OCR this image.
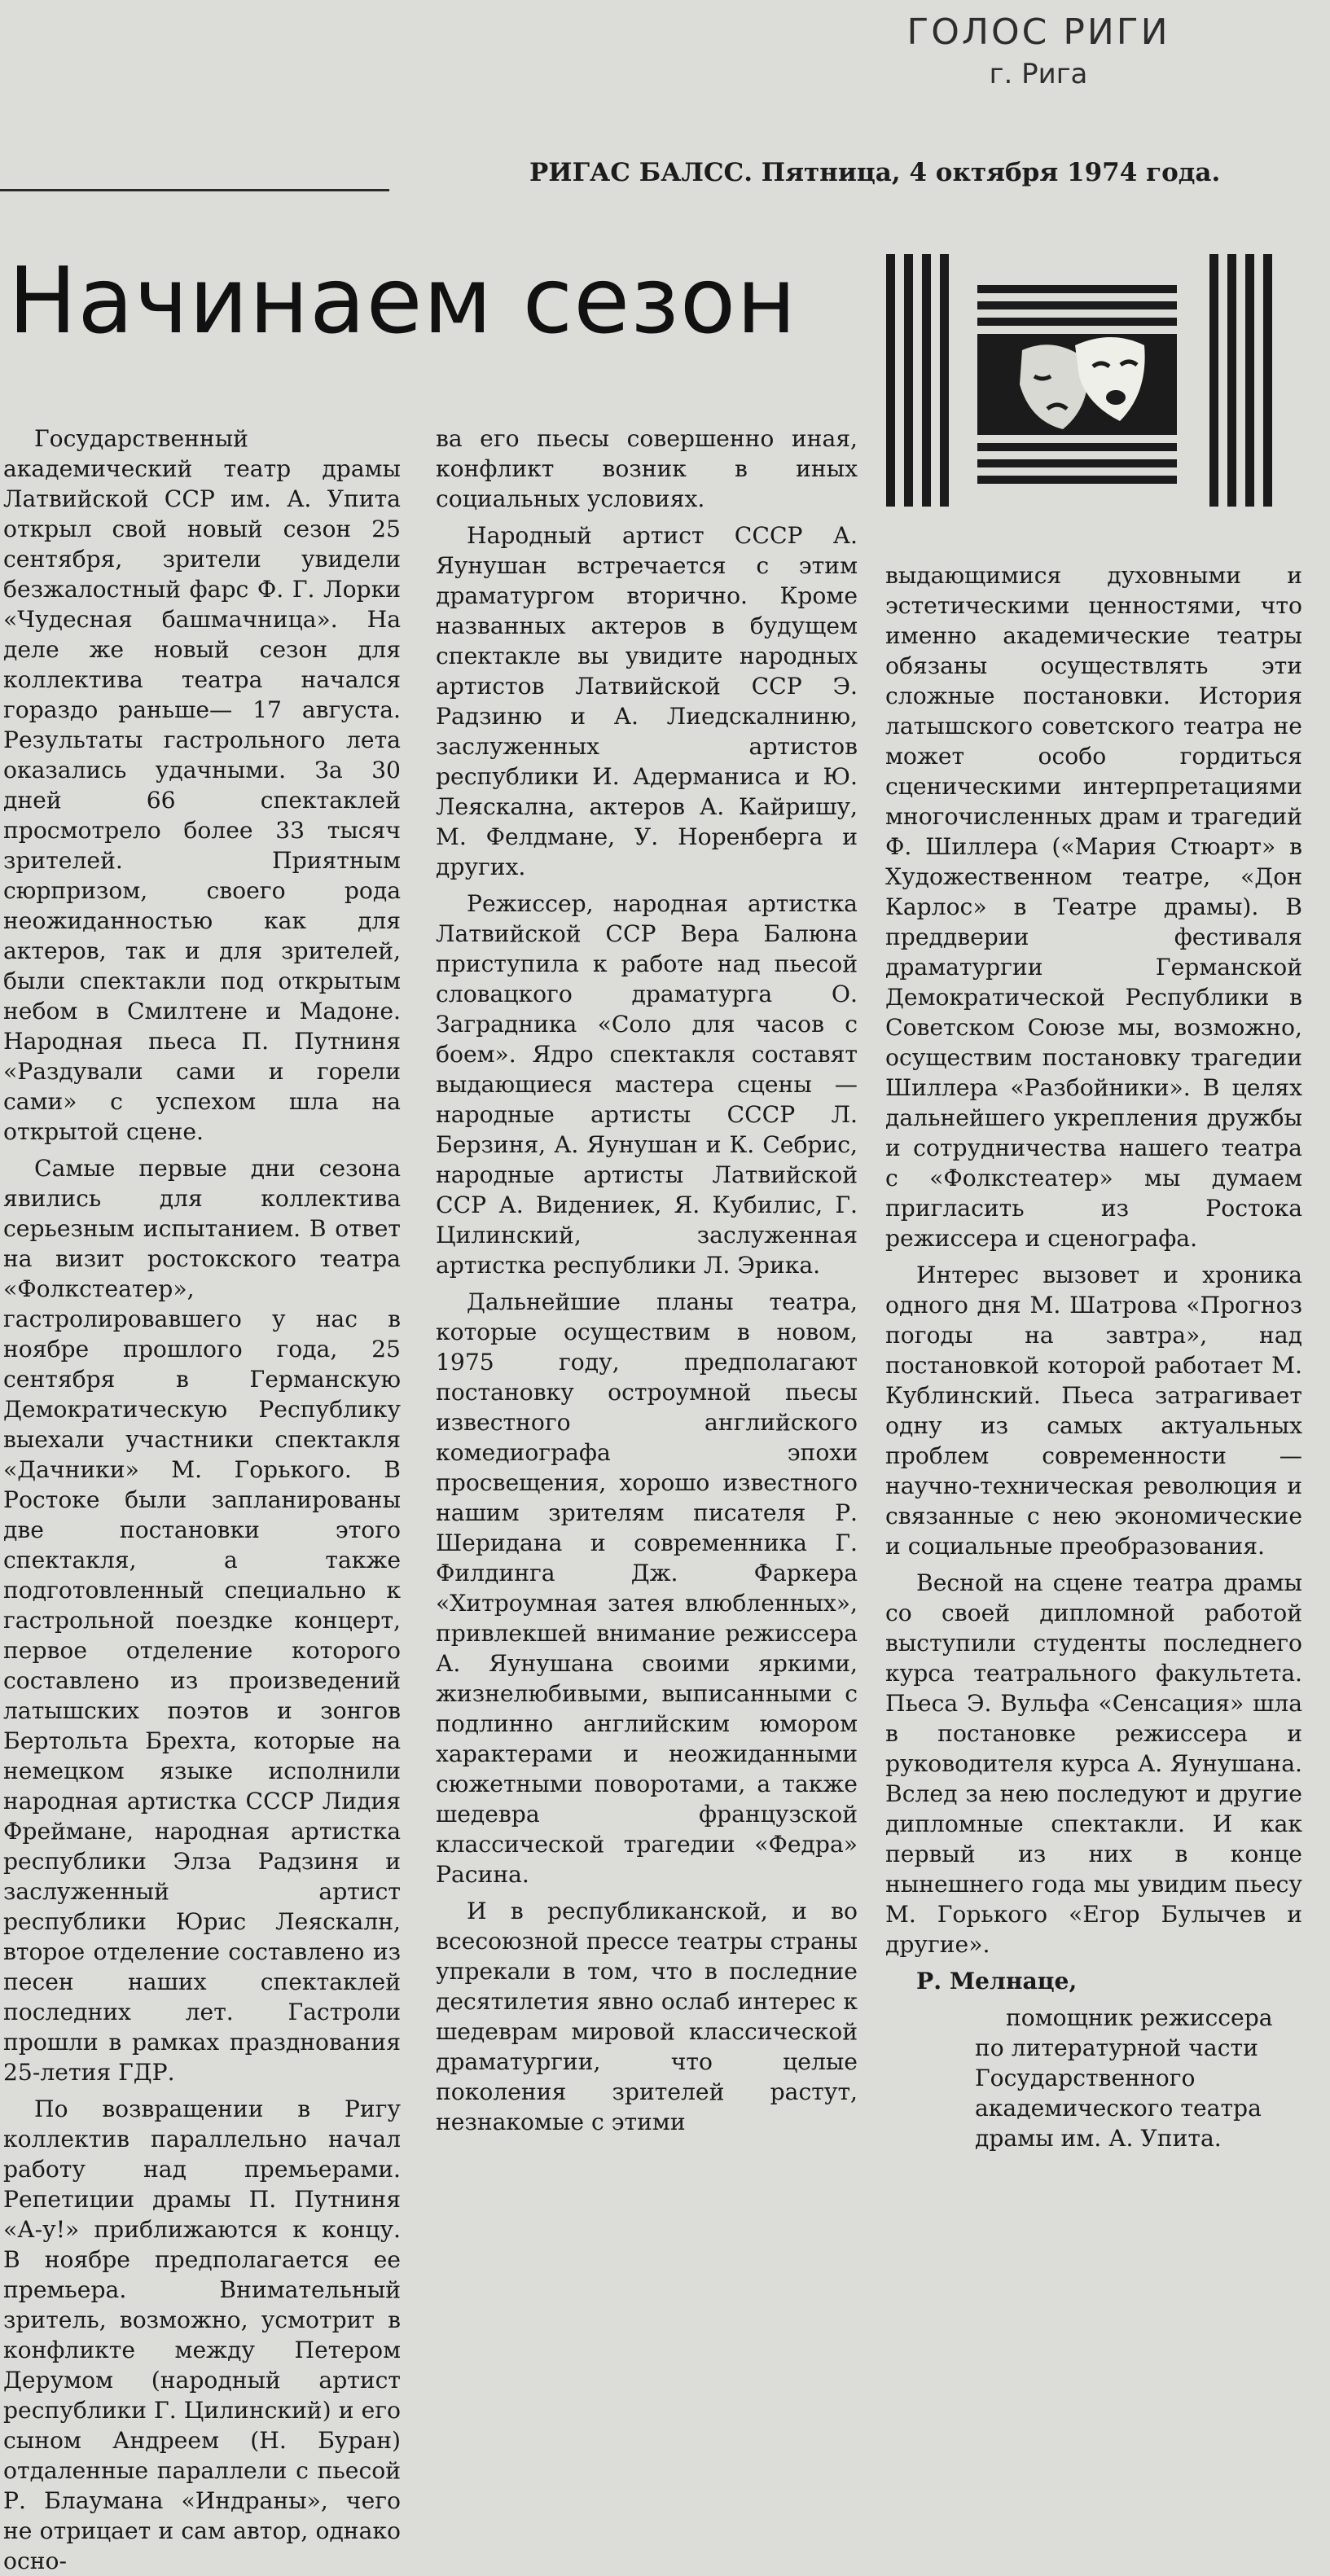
ГОЛОС РИГИ
г. Рига
РИГАС БАЛСС. Пятница, 4 октября 1974 года.
Начинаем сезон

Государственный академический театр драмы Латвийской ССР им. А. Упита открыл свой новый сезон 25 сентября, зрители увидели безжалостный фарс Ф. Г. Лорки «Чудесная башмачница». На деле же новый сезон для коллектива театра начался гораздо раньше— 17 августа. Результаты гастрольного лета оказались удачными. За 30 дней 66 спектаклей просмотрело более 33 тысяч зрителей. Приятным сюрпризом, своего рода неожиданностью как для актеров, так и для зрителей, были спектакли под открытым небом в Смилтене и Мадоне. Народная пьеса П. Путниня «Раздували сами и горели сами» с успехом шла на открытой сцене.

Самые первые дни сезона явились для коллектива серьезным испытанием. В ответ на визит ростокского театра «Фолкстеатер», гастролировавшего у нас в ноябре прошлого года, 25 сентября в Германскую Демократическую Республику выехали участники спектакля «Дачники» М. Горького. В Ростоке были запланированы две постановки этого спектакля, а также подготовленный специально к гастрольной поездке концерт, первое отделение которого составлено из произведений латышских поэтов и зонгов Бертольта Брехта, которые на немецком языке исполнили народная артистка СССР Лидия Фреймане, народная артистка республики Элза Радзиня и заслуженный артист республики Юрис Леяскалн, второе отделение составлено из песен наших спектаклей последних лет. Гастроли прошли в рамках празднования 25-летия ГДР.

По возвращении в Ригу коллектив параллельно начал работу над премьерами. Репетиции драмы П. Путниня «А-у!» приближаются к концу. В ноябре предполагается ее премьера. Внимательный зритель, возможно, усмотрит в конфликте между Петером Дерумом (народный артист республики Г. Цилинский) и его сыном Андреем (Н. Буран) отдаленные параллели с пьесой Р. Блаумана «Индраны», чего не отрицает и сам автор, однако осно-

ва его пьесы совершенно иная, конфликт возник в иных социальных условиях.

Народный артист СССР А. Яунушан встречается с этим драматургом вторично. Кроме названных актеров в будущем спектакле вы увидите народных артистов Латвийской ССР Э. Радзиню и А. Лиедскалниню, заслуженных артистов республики И. Адерманиса и Ю. Леяскална, актеров А. Кайришу, М. Фелдмане, У. Норенберга и других.

Режиссер, народная артистка Латвийской ССР Вера Балюна приступила к работе над пьесой словацкого драматурга О. Заградника «Соло для часов с боем». Ядро спектакля составят выдающиеся мастера сцены — народные артисты СССР Л. Берзиня, А. Яунушан и К. Себрис, народные артисты Латвийской ССР А. Видениек, Я. Кубилис, Г. Цилинский, заслуженная артистка республики Л. Эрика.

Дальнейшие планы театра, которые осуществим в новом, 1975 году, предполагают постановку остроумной пьесы известного английского комедиографа эпохи просвещения, хорошо известного нашим зрителям писателя Р. Шеридана и современника Г. Филдинга Дж. Фаркера «Хитроумная затея влюбленных», привлекшей внимание режиссера А. Яунушана своими яркими, жизнелюбивыми, выписанными с подлинно английским юмором характерами и неожиданными сюжетными поворотами, а также шедевра французской классической трагедии «Федра» Расина.

И в республиканской, и во всесоюзной прессе театры страны упрекали в том, что в последние десятилетия явно ослаб интерес к шедеврам мировой классической драматургии, что целые поколения зрителей растут, незнакомые с этими

выдающимися духовными и эстетическими ценностями, что именно академические театры обязаны осуществлять эти сложные постановки. История латышского советского театра не может особо гордиться сценическими интерпретациями многочисленных драм и трагедий Ф. Шиллера («Мария Стюарт» в Художественном театре, «Дон Карлос» в Театре драмы). В преддверии фестиваля драматургии Германской Демократической Республики в Советском Союзе мы, возможно, осуществим постановку трагедии Шиллера «Разбойники». В целях дальнейшего укрепления дружбы и сотрудничества нашего театра с «Фолкстеатер» мы думаем пригласить из Ростока режиссера и сценографа.

Интерес вызовет и хроника одного дня М. Шатрова «Прогноз погоды на завтра», над постановкой которой работает М. Кублинский. Пьеса затрагивает одну из самых актуальных проблем современности — научно-техническая революция и связанные с нею экономические и социальные преобразования.

Весной на сцене театра драмы со своей дипломной работой выступили студенты последнего курса театрального факультета. Пьеса Э. Вульфа «Сенсация» шла в постановке режиссера и руководителя курса А. Яунушана. Вслед за нею последуют и другие дипломные спектакли. И как первый из них в конце нынешнего года мы увидим пьесу М. Горького «Егор Булычев и другие».

Р. Мелнаце,

помощник режиссера по литературной части Государственного академического театра драмы им. А. Упита.
